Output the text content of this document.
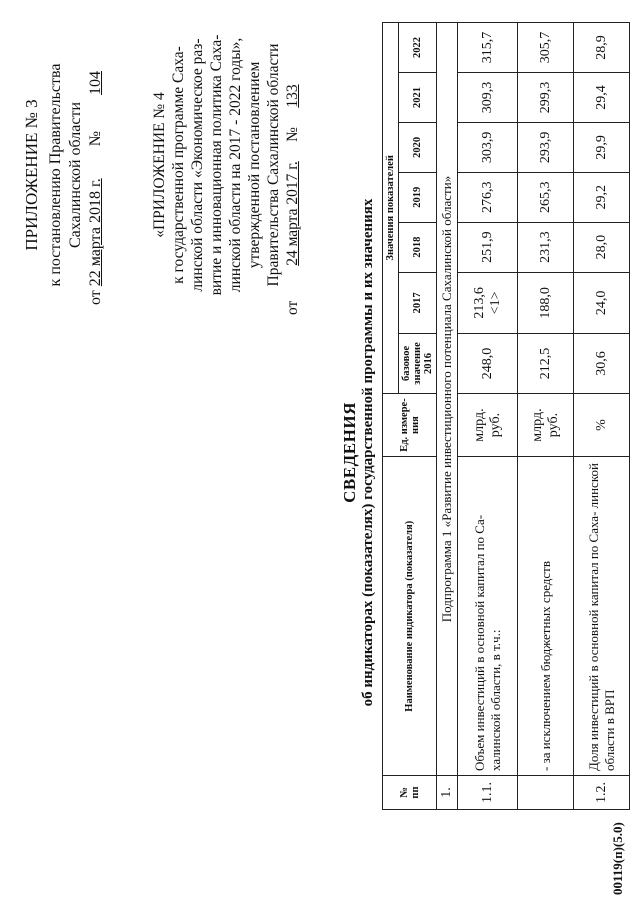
ПРИЛОЖЕНИЕ № 3 к постановлению Правительства Сахалинской области
от 22 марта 2018 г.        №         104
«ПРИЛОЖЕНИЕ № 4 к государственной программе Саха- линской области «Экономическое раз- витие и инновационная политика Саха- линской области на 2017 - 2022 годы», утвержденной постановлением Правительства Сахалинской области
от         24 марта 2017 г.     №     133
СВЕДЕНИЯ об индикаторах (показателях) государственной программы и их значениях
№ пп	Наименование индикатора (показателя)	Ед. измере- ния	Значения показателей						
			базовое значение 2016	2017	2018	2019	2020	2021	2022
1.	Подпрограмма 1 «Развитие инвестиционного потенциала Сахалинской области»								
1.1.	Объем инвестиций в основной капитал по Са- халинской области, в т.ч.:	млрд. руб.	248,0	213,6 <1>	251,9	276,3	303,9	309,3	315,7
	- за исключением бюджетных средств	млрд. руб.	212,5	188,0	231,3	265,3	293,9	299,3	305,7
1.2.	Доля инвестиций в основной капитал по Саха- линской области в ВРП	%	30,6	24,0	28,0	29,2	29,9	29,4	28,9
00119(п)(5.0)
